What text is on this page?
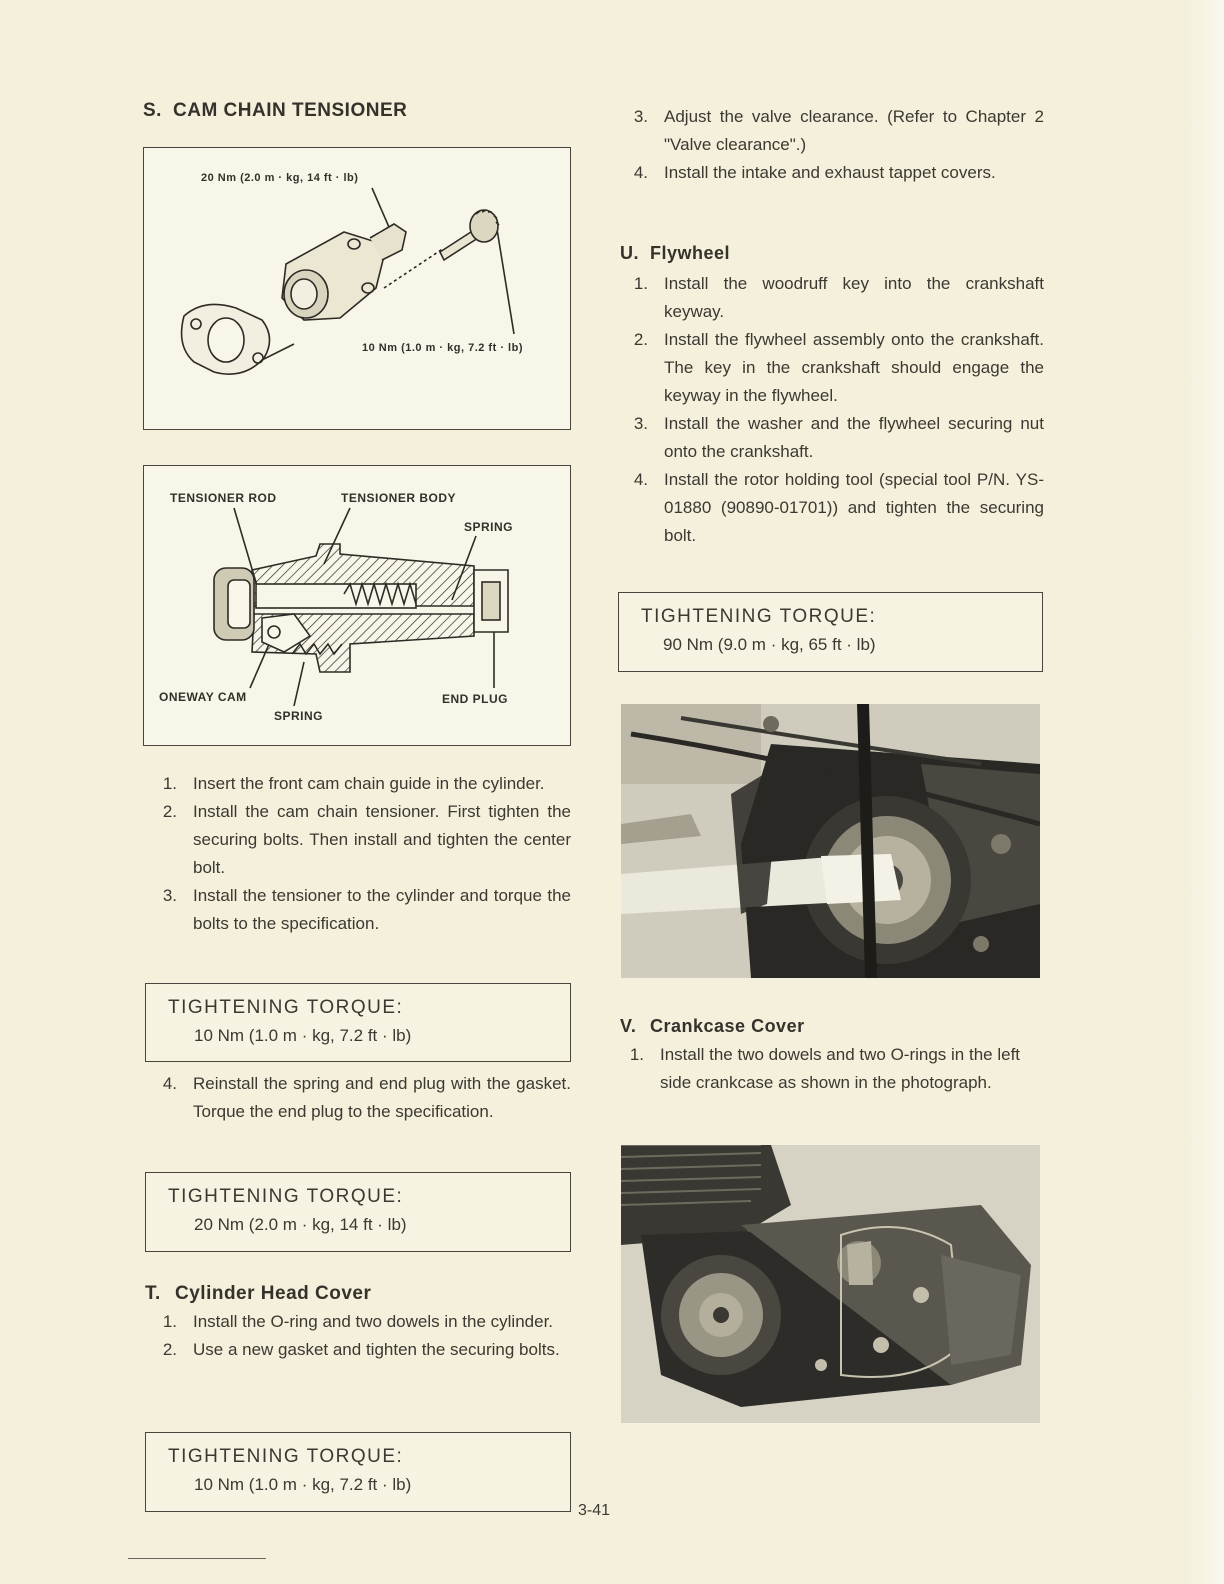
S. CAM CHAIN TENSIONER
20 Nm (2.0 m · kg, 14 ft · lb)
10 Nm (1.0 m · kg, 7.2 ft · lb)
TENSIONER ROD	TENSIONER BODY
SPRING
ONEWAY CAM
SPRING
END PLUG
1. Insert the front cam chain guide in the cylinder.
2. Install the cam chain tensioner. First tighten the securing bolts. Then install and tighten the center bolt.
3. Install the tensioner to the cylinder and torque the bolts to the specification.
TIGHTENING TORQUE:
10 Nm (1.0 m · kg, 7.2 ft · lb)
4. Reinstall the spring and end plug with the gasket. Torque the end plug to the specification.
TIGHTENING TORQUE:
20 Nm (2.0 m · kg, 14 ft · lb)
T. Cylinder Head Cover
1. Install the O-ring and two dowels in the cylinder.
2. Use a new gasket and tighten the securing bolts.
TIGHTENING TORQUE:
10 Nm (1.0 m · kg, 7.2 ft · lb)
3. Adjust the valve clearance. (Refer to Chapter 2 "Valve clearance".)
4. Install the intake and exhaust tappet covers.
U. Flywheel
1. Install the woodruff key into the crankshaft keyway.
2. Install the flywheel assembly onto the crankshaft. The key in the crankshaft should engage the keyway in the flywheel.
3. Install the washer and the flywheel securing nut onto the crankshaft.
4. Install the rotor holding tool (special tool P/N. YS-01880 (90890-01701)) and tighten the securing bolt.
TIGHTENING TORQUE:
90 Nm (9.0 m · kg, 65 ft · lb)
V. Crankcase Cover
1. Install the two dowels and two O-rings in the left side crankcase as shown in the photograph.
3-41
